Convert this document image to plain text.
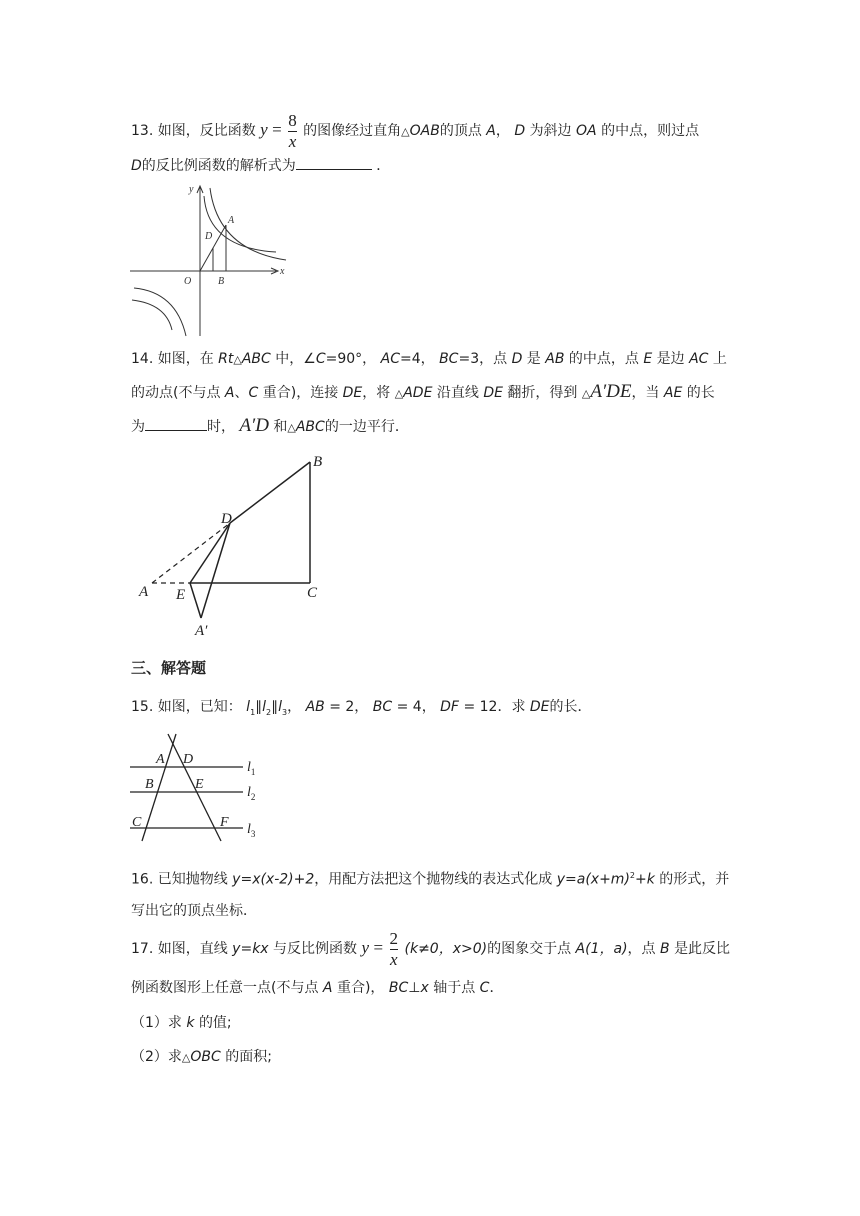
13. 如图，反比函数 $y = \frac{8}{x}$ 的图像经过直角△OAB的顶点 A， D 为斜边 OA 的中点，则过点
D的反比例函数的解析式为	．
y
x
A
D
O	B
14. 如图，在 Rt△ABC 中，∠C=90°， AC=4， BC=3，点 D 是 AB 的中点，点 E 是边 AC 上
的动点(不与点 A、C 重合)，连接 DE，将 △ADE 沿直线 DE 翻折，得到 △A′DE，当 AE 的长
为	时， A′D 和△ABC的一边平行．
B
D
A E	C
A′
三、解答题
15. 如图，已知： $l_1\parallel l_2\parallel l_3$， AB = 2， BC = 4， DF = 12．求 DE的长．
A D
B	E
C	F
$l_1$
$l_2$
$l_3$
16. 已知抛物线 y=x(x-2)+2，用配方法把这个抛物线的表达式化成 $y=a(x+m)^2+k$ 的形式，并
写出它的顶点坐标．
17. 如图，直线 y=kx 与反比例函数 $y = \frac{2}{x} (k\ne 0$，x>0)的图象交于点 A(1，a)，点 B 是此反比
例函数图形上任意一点(不与点 A 重合)， BC⊥x 轴于点 C．
（1）求 k 的值;
（2）求△OBC 的面积;
